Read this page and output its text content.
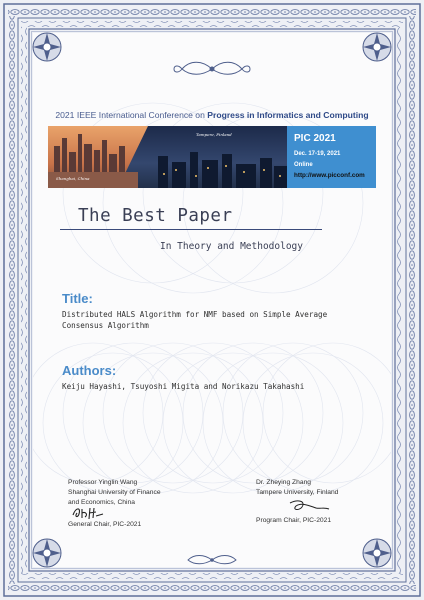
2021 IEEE International Conference on Progress in Informatics and Computing
Shanghai, China
Tampere, Finland	PIC 2021
Dec. 17-19, 2021
Online
http://www.picconf.com
The Best Paper
In Theory and Methodology
Title:
Distributed HALS Algorithm for NMF based on Simple Average
Consensus Algorithm
Authors:
Keiju Hayashi, Tsuyoshi Migita and Norikazu Takahashi
Professor Yinglin Wang
Shanghai University of Finance
and Economics, China
General Chair, PIC-2021
Dr. Zheying Zhang
Tampere University, Finland
Program Chair, PIC-2021
